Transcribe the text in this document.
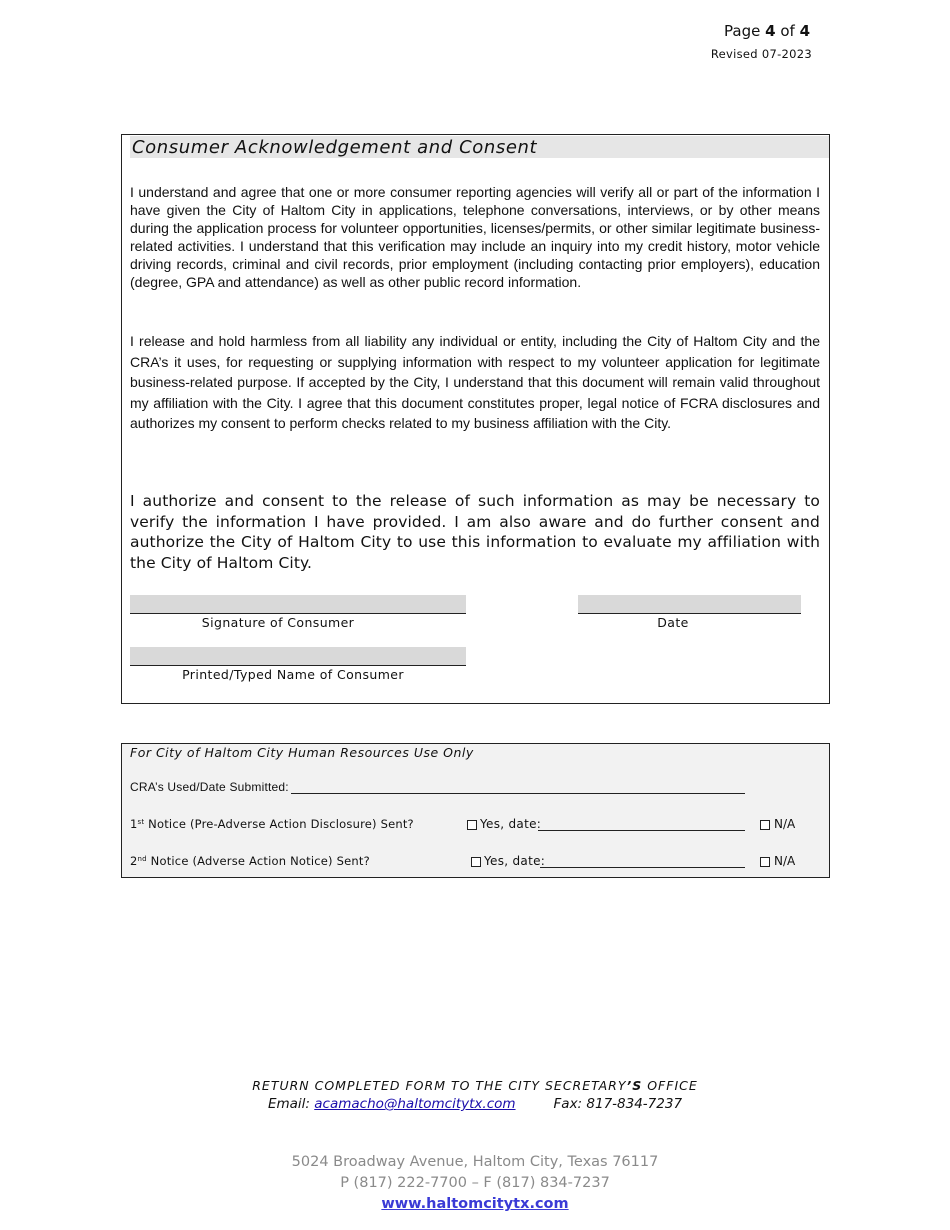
Page 4 of 4
Revised 07-2023
Consumer Acknowledgement and Consent
I understand and agree that one or more consumer reporting agencies will verify all or part of the information I have given the City of Haltom City in applications, telephone conversations, interviews, or by other means during the application process for volunteer opportunities, licenses/permits, or other similar legitimate business-related activities. I understand that this verification may include an inquiry into my credit history, motor vehicle driving records, criminal and civil records, prior employment (including contacting prior employers), education (degree, GPA and attendance) as well as other public record information.
I release and hold harmless from all liability any individual or entity, including the City of Haltom City and the CRA’s it uses, for requesting or supplying information with respect to my volunteer application for legitimate business-related purpose. If accepted by the City, I understand that this document will remain valid throughout my affiliation with the City. I agree that this document constitutes proper, legal notice of FCRA disclosures and authorizes my consent to perform checks related to my business affiliation with the City.
I authorize and consent to the release of such information as may be necessary to verify the information I have provided. I am also aware and do further consent and authorize the City of Haltom City to use this information to evaluate my affiliation with the City of Haltom City.
Signature of Consumer	Date
Printed/Typed Name of Consumer
For City of Haltom City Human Resources Use Only
CRA’s Used/Date Submitted:
1st Notice (Pre-Adverse Action Disclosure) Sent?	Yes, date:	N/A
2nd Notice (Adverse Action Notice) Sent?	Yes, date:	N/A
RETURN COMPLETED FORM TO THE CITY SECRETARY’S OFFICE
Email: acamacho@haltomcitytx.com	Fax: 817-834-7237
5024 Broadway Avenue, Haltom City, Texas 76117
P (817) 222-7700 – F (817) 834-7237
www.haltomcitytx.com
